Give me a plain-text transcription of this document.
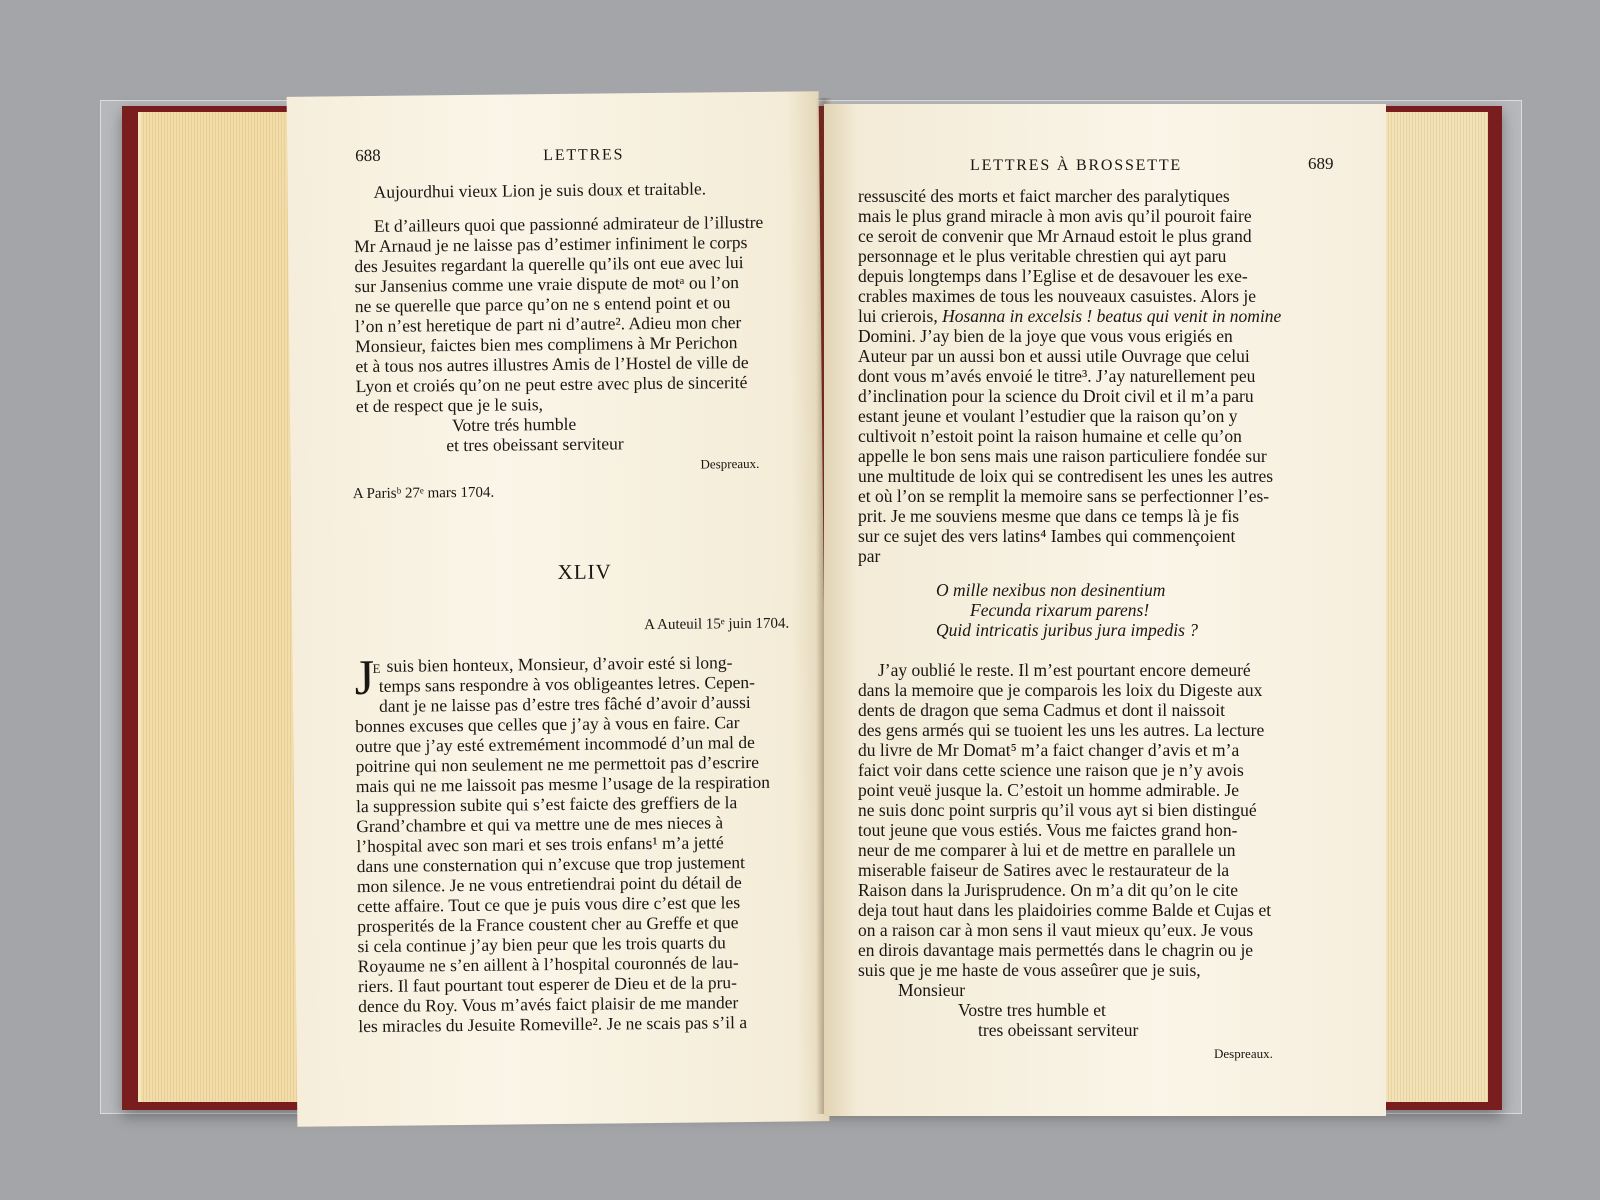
688	LETTRES
Aujourdhui vieux Lion je suis doux et traitable.
Et d’ailleurs quoi que passionné admirateur de l’illustre
Mr Arnaud je ne laisse pas d’estimer infiniment le corps
des Jesuites regardant la querelle qu’ils ont eue avec lui
sur Jansenius comme une vraie dispute de motᵃ ou l’on
ne se querelle que parce qu’on ne s entend point et ou
l’on n’est heretique de part ni d’autre². Adieu mon cher
Monsieur, faictes bien mes complimens à Mr Perichon
et à tous nos autres illustres Amis de l’Hostel de ville de
Lyon et croiés qu’on ne peut estre avec plus de sincerité
et de respect que je le suis,
Votre trés humble
et tres obeissant serviteur
Despreaux.
A Parisᵇ 27ᵉ mars 1704.
XLIV
A Auteuil 15ᵉ juin 1704.
J
E suis bien honteux, Monsieur, d’avoir esté si long-
temps sans respondre à vos obligeantes letres. Cepen-
dant je ne laisse pas d’estre tres fâché d’avoir d’aussi
bonnes excuses que celles que j’ay à vous en faire. Car
outre que j’ay esté extremément incommodé d’un mal de
poitrine qui non seulement ne me permettoit pas d’escrire
mais qui ne me laissoit pas mesme l’usage de la respiration
la suppression subite qui s’est faicte des greffiers de la
Grand’chambre et qui va mettre une de mes nieces à
l’hospital avec son mari et ses trois enfans¹ m’a jetté
dans une consternation qui n’excuse que trop justement
mon silence. Je ne vous entretiendrai point du détail de
cette affaire. Tout ce que je puis vous dire c’est que les
prosperités de la France coustent cher au Greffe et que
si cela continue j’ay bien peur que les trois quarts du
Royaume ne s’en aillent à l’hospital couronnés de lau-
riers. Il faut pourtant tout esperer de Dieu et de la pru-
dence du Roy. Vous m’avés faict plaisir de me mander
les miracles du Jesuite Romeville². Je ne scais pas s’il a
LETTRES À BROSSETTE	689
ressuscité des morts et faict marcher des paralytiques
mais le plus grand miracle à mon avis qu’il pouroit faire
ce seroit de convenir que Mr Arnaud estoit le plus grand
personnage et le plus veritable chrestien qui ayt paru
depuis longtemps dans l’Eglise et de desavouer les exe-
crables maximes de tous les nouveaux casuistes. Alors je
lui crierois, Hosanna in excelsis ! beatus qui venit in nomine
Domini. J’ay bien de la joye que vous vous erigiés en
Auteur par un aussi bon et aussi utile Ouvrage que celui
dont vous m’avés envoié le titre³. J’ay naturellement peu
d’inclination pour la science du Droit civil et il m’a paru
estant jeune et voulant l’estudier que la raison qu’on y
cultivoit n’estoit point la raison humaine et celle qu’on
appelle le bon sens mais une raison particuliere fondée sur
une multitude de loix qui se contredisent les unes les autres
et où l’on se remplit la memoire sans se perfectionner l’es-
prit. Je me souviens mesme que dans ce temps là je fis
sur ce sujet des vers latins⁴ Iambes qui commençoient
par
O mille nexibus non desinentium
Fecunda rixarum parens!
Quid intricatis juribus jura impedis ?
J’ay oublié le reste. Il m’est pourtant encore demeuré
dans la memoire que je comparois les loix du Digeste aux
dents de dragon que sema Cadmus et dont il naissoit
des gens armés qui se tuoient les uns les autres. La lecture
du livre de Mr Domat⁵ m’a faict changer d’avis et m’a
faict voir dans cette science une raison que je n’y avois
point veuë jusque la. C’estoit un homme admirable. Je
ne suis donc point surpris qu’il vous ayt si bien distingué
tout jeune que vous estiés. Vous me faictes grand hon-
neur de me comparer à lui et de mettre en parallele un
miserable faiseur de Satires avec le restaurateur de la
Raison dans la Jurisprudence. On m’a dit qu’on le cite
deja tout haut dans les plaidoiries comme Balde et Cujas et
on a raison car à mon sens il vaut mieux qu’eux. Je vous
en dirois davantage mais permettés dans le chagrin ou je
suis que je me haste de vous asseûrer que je suis,
Monsieur
Vostre tres humble et
tres obeissant serviteur
Despreaux.
